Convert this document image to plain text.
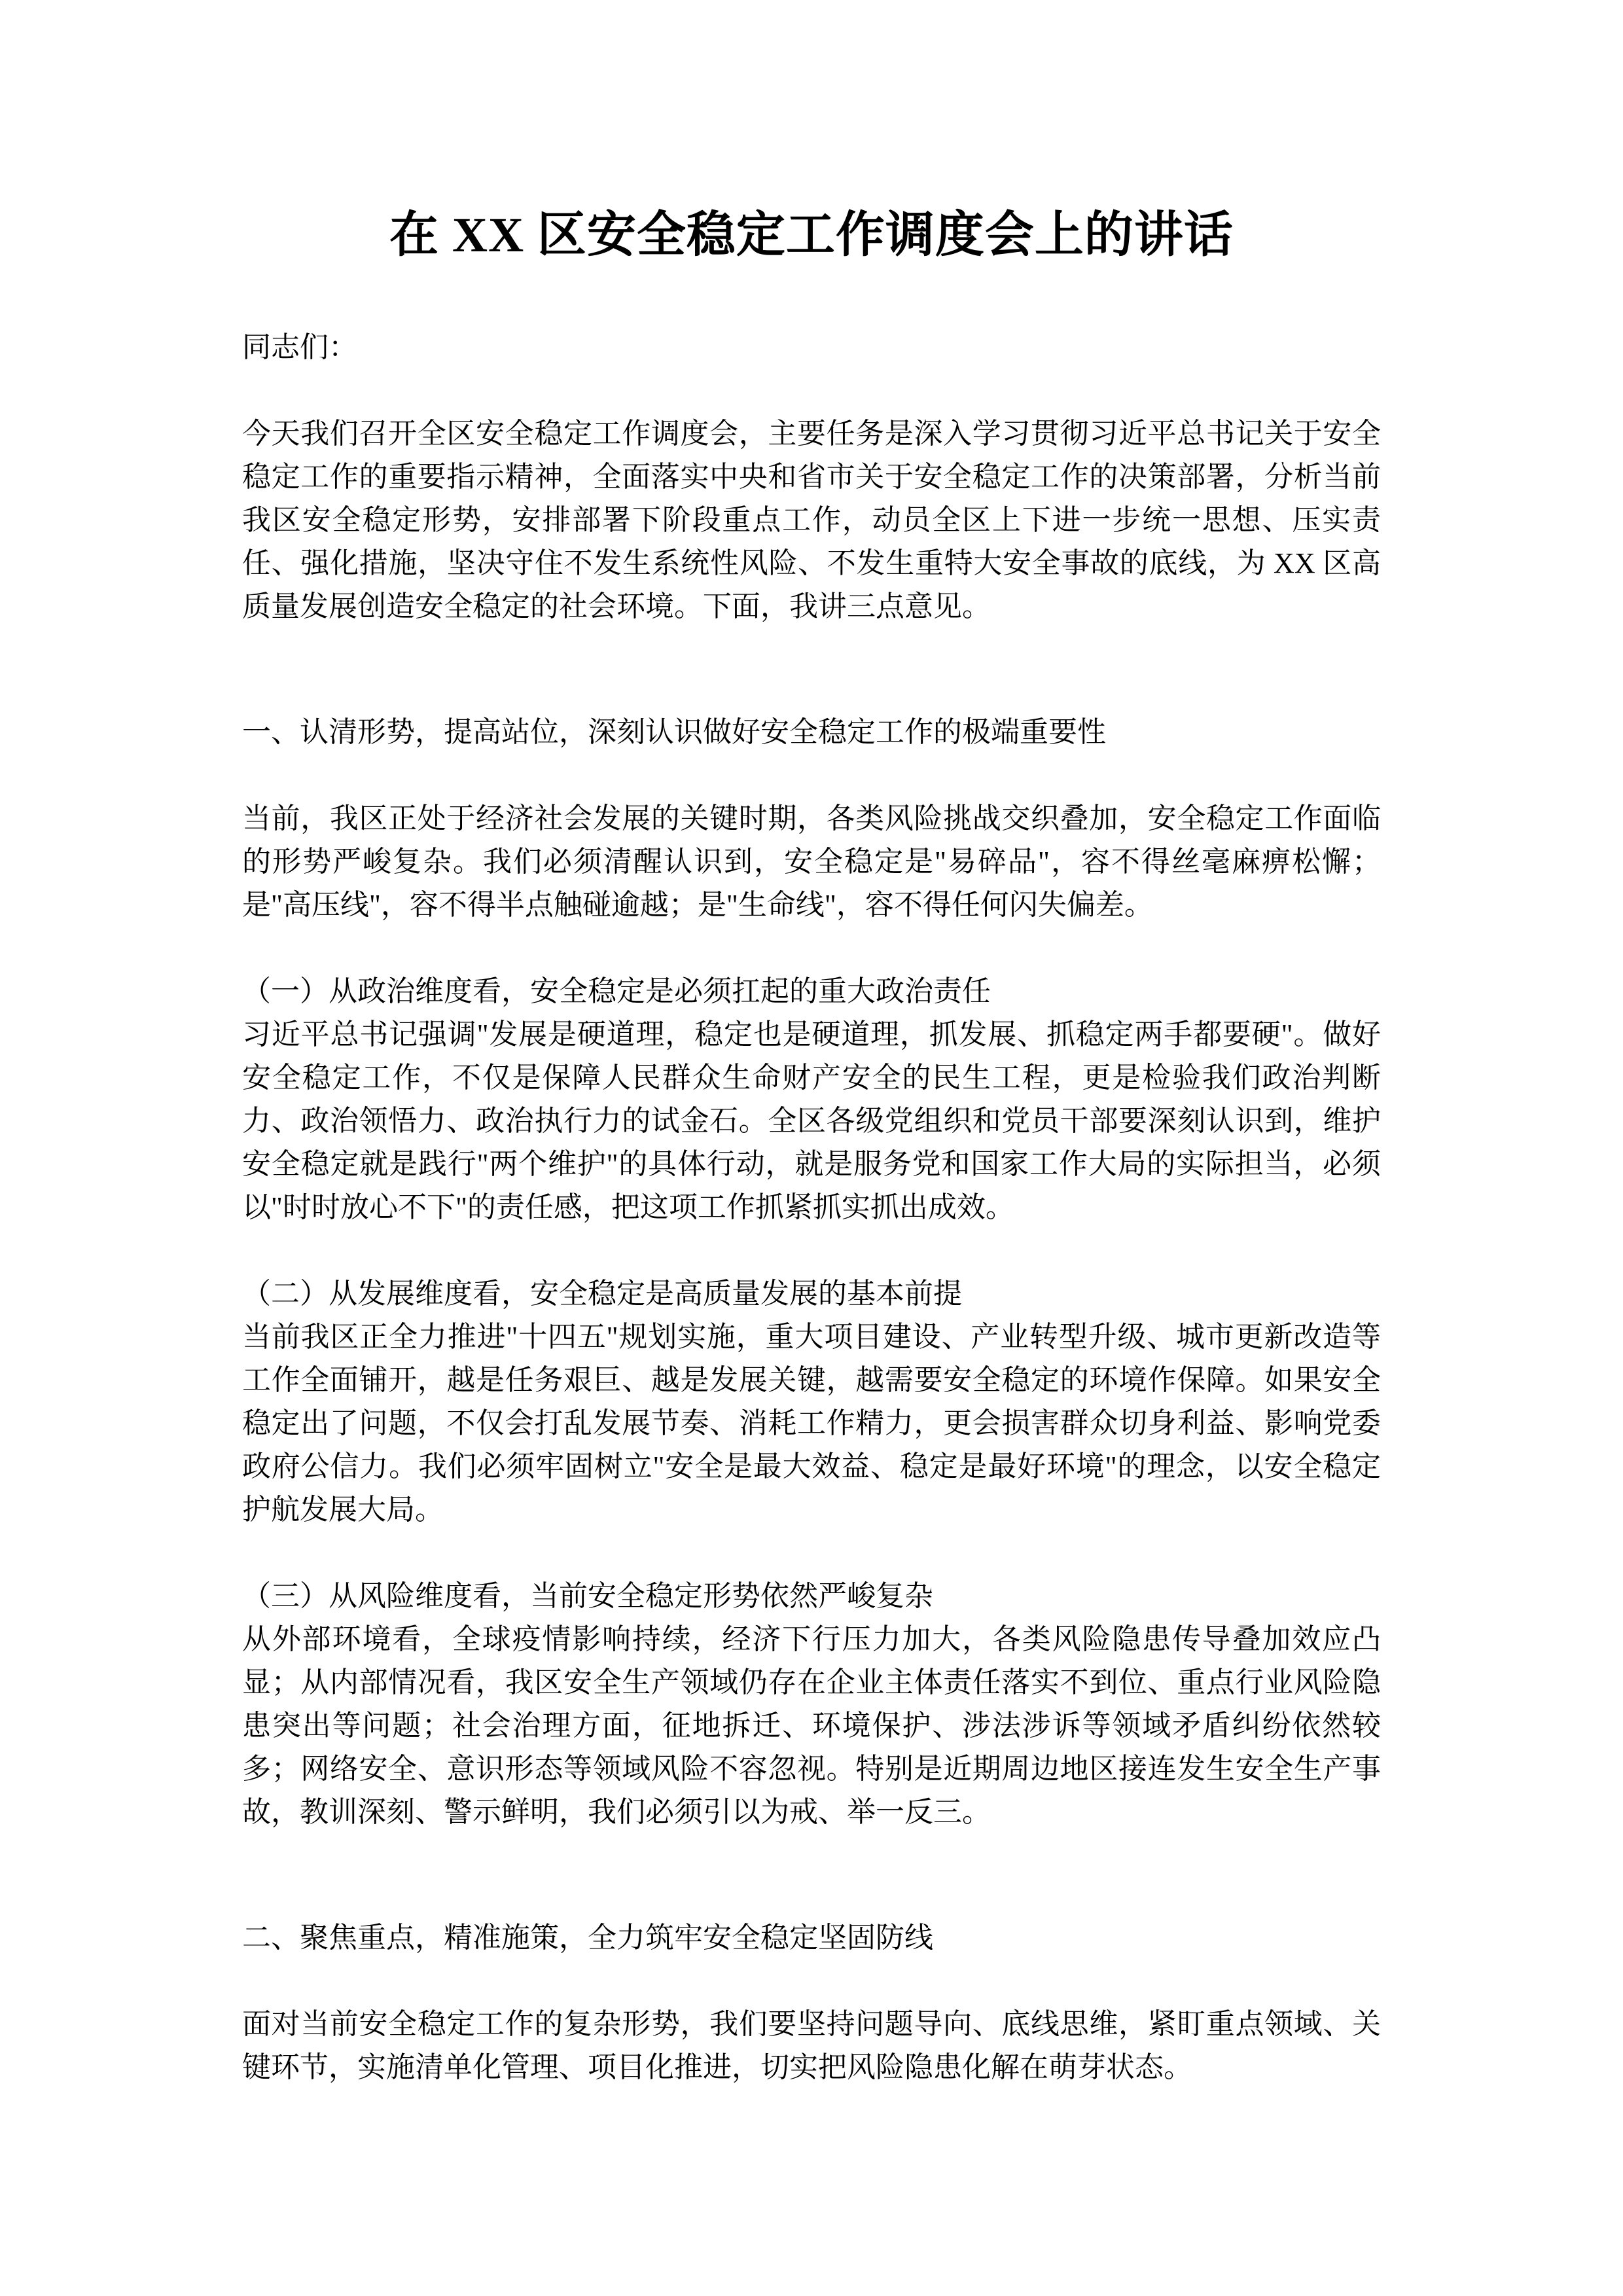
在 XX 区安全稳定工作调度会上的讲话
同志们：
今天我们召开全区安全稳定工作调度会，主要任务是深入学习贯彻习近平总书记关于安全稳定工作的重要指示精神，全面落实中央和省市关于安全稳定工作的决策部署，分析当前我区安全稳定形势，安排部署下阶段重点工作，动员全区上下进一步统一思想、压实责任、强化措施，坚决守住不发生系统性风险、不发生重特大安全事故的底线，为 XX 区高质量发展创造安全稳定的社会环境。下面，我讲三点意见。
一、认清形势，提高站位，深刻认识做好安全稳定工作的极端重要性
当前，我区正处于经济社会发展的关键时期，各类风险挑战交织叠加，安全稳定工作面临的形势严峻复杂。我们必须清醒认识到，安全稳定是"易碎品"，容不得丝毫麻痹松懈；是"高压线"，容不得半点触碰逾越；是"生命线"，容不得任何闪失偏差。
（一）从政治维度看，安全稳定是必须扛起的重大政治责任
习近平总书记强调"发展是硬道理，稳定也是硬道理，抓发展、抓稳定两手都要硬"。做好安全稳定工作，不仅是保障人民群众生命财产安全的民生工程，更是检验我们政治判断力、政治领悟力、政治执行力的试金石。全区各级党组织和党员干部要深刻认识到，维护安全稳定就是践行"两个维护"的具体行动，就是服务党和国家工作大局的实际担当，必须以"时时放心不下"的责任感，把这项工作抓紧抓实抓出成效。
（二）从发展维度看，安全稳定是高质量发展的基本前提
当前我区正全力推进"十四五"规划实施，重大项目建设、产业转型升级、城市更新改造等工作全面铺开，越是任务艰巨、越是发展关键，越需要安全稳定的环境作保障。如果安全稳定出了问题，不仅会打乱发展节奏、消耗工作精力，更会损害群众切身利益、影响党委政府公信力。我们必须牢固树立"安全是最大效益、稳定是最好环境"的理念，以安全稳定护航发展大局。
（三）从风险维度看，当前安全稳定形势依然严峻复杂
从外部环境看，全球疫情影响持续，经济下行压力加大，各类风险隐患传导叠加效应凸显；从内部情况看，我区安全生产领域仍存在企业主体责任落实不到位、重点行业风险隐患突出等问题；社会治理方面，征地拆迁、环境保护、涉法涉诉等领域矛盾纠纷依然较多；网络安全、意识形态等领域风险不容忽视。特别是近期周边地区接连发生安全生产事故，教训深刻、警示鲜明，我们必须引以为戒、举一反三。
二、聚焦重点，精准施策，全力筑牢安全稳定坚固防线
面对当前安全稳定工作的复杂形势，我们要坚持问题导向、底线思维，紧盯重点领域、关键环节，实施清单化管理、项目化推进，切实把风险隐患化解在萌芽状态。
